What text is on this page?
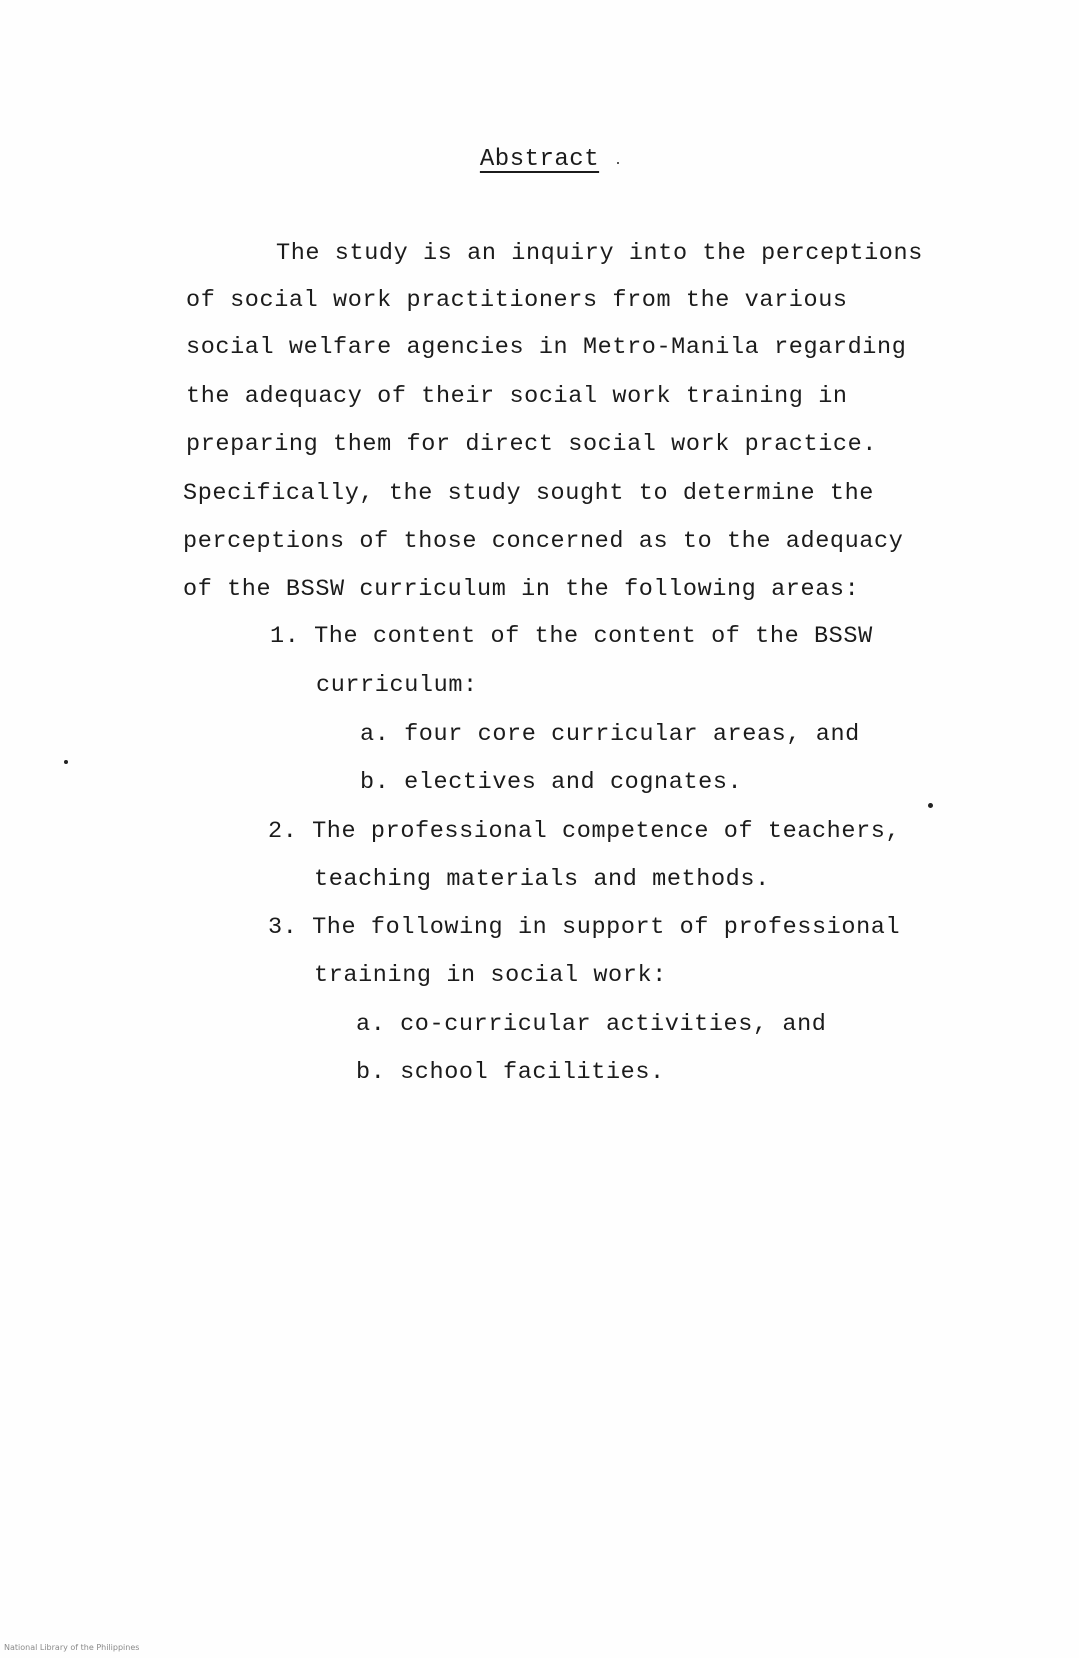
Abstract
The study is an inquiry into the perceptions
of social work practitioners from the various
social welfare agencies in Metro-Manila regarding
the adequacy of their social work training in
preparing them for direct social work practice.
Specifically, the study sought to determine the
perceptions of those concerned as to the adequacy
of the BSSW curriculum in the following areas:
1. The content of the content of the BSSW
curriculum:
a. four core curricular areas, and
b. electives and cognates.
2. The professional competence of teachers,
teaching materials and methods.
3. The following in support of professional
training in social work:
a. co-curricular activities, and
b. school facilities.
National Library of the Philippines
